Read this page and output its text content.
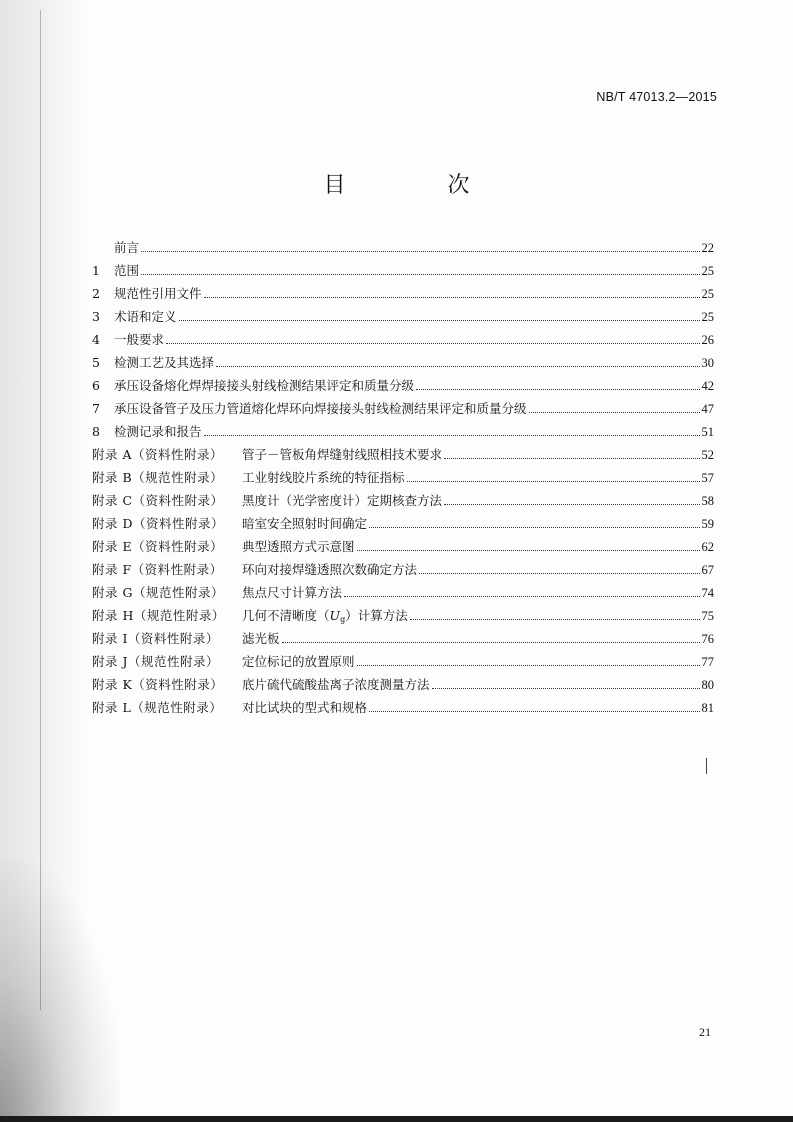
NB/T 47013.2—2015
目　次
前言	22
1	范围	25
2	规范性引用文件	25
3	术语和定义	25
4	一般要求	26
5	检测工艺及其选择	30
6	承压设备熔化焊焊接接头射线检测结果评定和质量分级	42
7	承压设备管子及压力管道熔化焊环向焊接接头射线检测结果评定和质量分级	47
8	检测记录和报告	51
附录 A（资料性附录）	管子－管板角焊缝射线照相技术要求	52
附录 B（规范性附录）	工业射线胶片系统的特征指标	57
附录 C（资料性附录）	黑度计（光学密度计）定期核查方法	58
附录 D（资料性附录）	暗室安全照射时间确定	59
附录 E（资料性附录）	典型透照方式示意图	62
附录 F（资料性附录）	环向对接焊缝透照次数确定方法	67
附录 G（规范性附录）	焦点尺寸计算方法	74
附录 H（规范性附录）	几何不清晰度$(U_g)$计算方法	75
附录 I（资料性附录）	滤光板	76
附录 J（规范性附录）	定位标记的放置原则	77
附录 K（资料性附录）	底片硫代硫酸盐离子浓度测量方法	80
附录 L（规范性附录）	对比试块的型式和规格	81
21
